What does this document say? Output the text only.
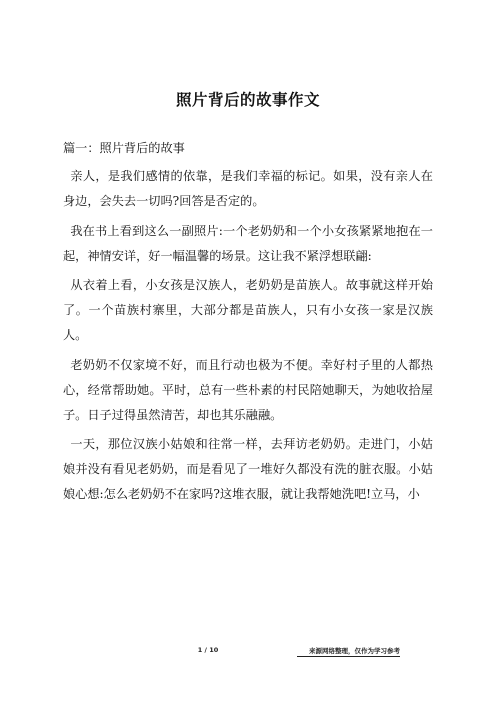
照片背后的故事作文

篇一：照片背后的故事

亲人，是我们感情的依靠，是我们幸福的标记。如果，没有亲人在身边，会失去一切吗?回答是否定的。

我在书上看到这么一副照片:一个老奶奶和一个小女孩紧紧地抱在一起，神情安详，好一幅温馨的场景。这让我不紧浮想联翩:

从衣着上看，小女孩是汉族人，老奶奶是苗族人。故事就这样开始了。一个苗族村寨里，大部分都是苗族人，只有小女孩一家是汉族人。

老奶奶不仅家境不好，而且行动也极为不便。幸好村子里的人都热心，经常帮助她。平时，总有一些朴素的村民陪她聊天，为她收拾屋子。日子过得虽然清苦，却也其乐融融。

一天，那位汉族小姑娘和往常一样，去拜访老奶奶。走进门，小姑娘并没有看见老奶奶，而是看见了一堆好久都没有洗的脏衣服。小姑娘心想:怎么老奶奶不在家吗?这堆衣服，就让我帮她洗吧!立马，小

1 / 10	来源网络整理，仅作为学习参考
